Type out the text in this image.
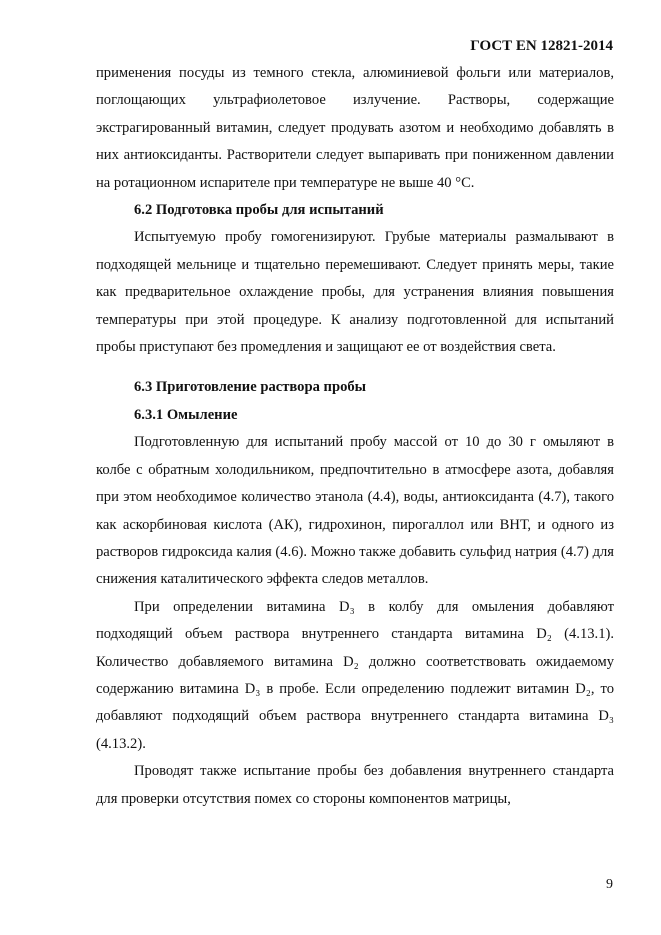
ГОСТ EN 12821-2014

применения посуды из темного стекла, алюминиевой фольги или материалов, поглощающих ультрафиолетовое излучение. Растворы, содержащие экстрагированный витамин, следует продувать азотом и необходимо добавлять в них антиоксиданты. Растворители следует выпаривать при пониженном давлении на ротационном испарителе при температуре не выше 40 °C.

6.2 Подготовка пробы для испытаний

Испытуемую пробу гомогенизируют. Грубые материалы размалывают в подходящей мельнице и тщательно перемешивают. Следует принять меры, такие как предварительное охлаждение пробы, для устранения влияния повышения температуры при этой процедуре. К анализу подготовленной для испытаний пробы приступают без промедления и защищают ее от воздействия света.

6.3 Приготовление раствора пробы
6.3.1 Омыление

Подготовленную для испытаний пробу массой от 10 до 30 г омыляют в колбе с обратным холодильником, предпочтительно в атмосфере азота, добавляя при этом необходимое количество этанола (4.4), воды, антиоксиданта (4.7), такого как аскорбиновая кислота (АК), гидрохинон, пирогаллол или ВНТ, и одного из растворов гидроксида калия (4.6). Можно также добавить сульфид натрия (4.7) для снижения каталитического эффекта следов металлов.

При определении витамина D₃ в колбу для омыления добавляют подходящий объем раствора внутреннего стандарта витамина D₂ (4.13.1). Количество добавляемого витамина D₂ должно соответствовать ожидаемому содержанию витамина D₃ в пробе. Если определению подлежит витамин D₂, то добавляют подходящий объем раствора внутреннего стандарта витамина D₃ (4.13.2).

Проводят также испытание пробы без добавления внутреннего стандарта для проверки отсутствия помех со стороны компонентов матрицы,

9
